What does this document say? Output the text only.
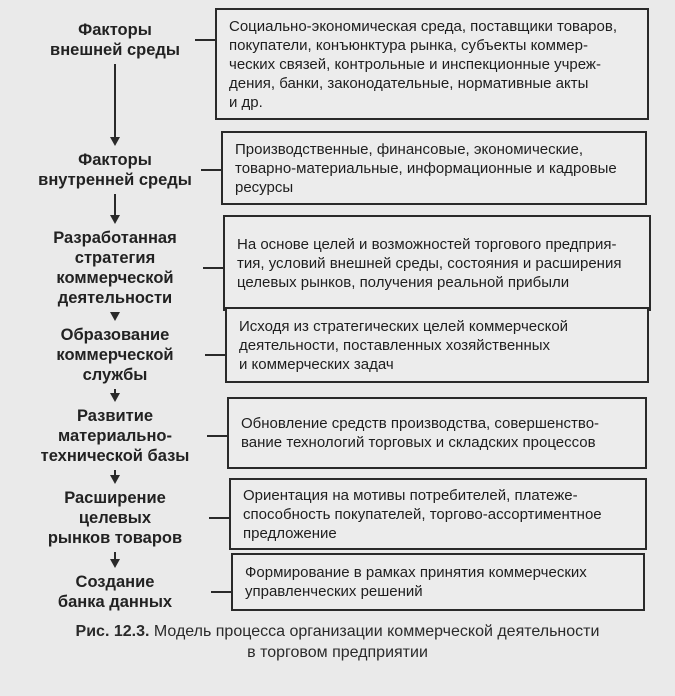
Факторы
внешней среды
Социально-экономическая среда, поставщики товаров,
покупатели, конъюнктура рынка, субъекты коммер-
ческих связей, контрольные и инспекционные учреж-
дения, банки, законодательные, нормативные акты
и др.
Факторы
внутренней среды
Производственные, финансовые, экономические,
товарно-материальные, информационные и кадровые
ресурсы
Разработанная
стратегия
коммерческой
деятельности
На основе целей и возможностей торгового предприя-
тия, условий внешней среды, состояния и расширения
целевых рынков, получения реальной прибыли
Образование
коммерческой
службы
Исходя из стратегических целей коммерческой
деятельности, поставленных хозяйственных
и коммерческих задач
Развитие
материально-
технической базы
Обновление средств производства, совершенство-
вание технологий торговых и складских процессов
Расширение
целевых
рынков товаров
Ориентация на мотивы потребителей, платеже-
способность покупателей, торгово-ассортиментное
предложение
Создание
банка данных
Формирование в рамках принятия коммерческих
управленческих решений
Рис. 12.3. Модель процесса организации коммерческой деятельности
в торговом предприятии
